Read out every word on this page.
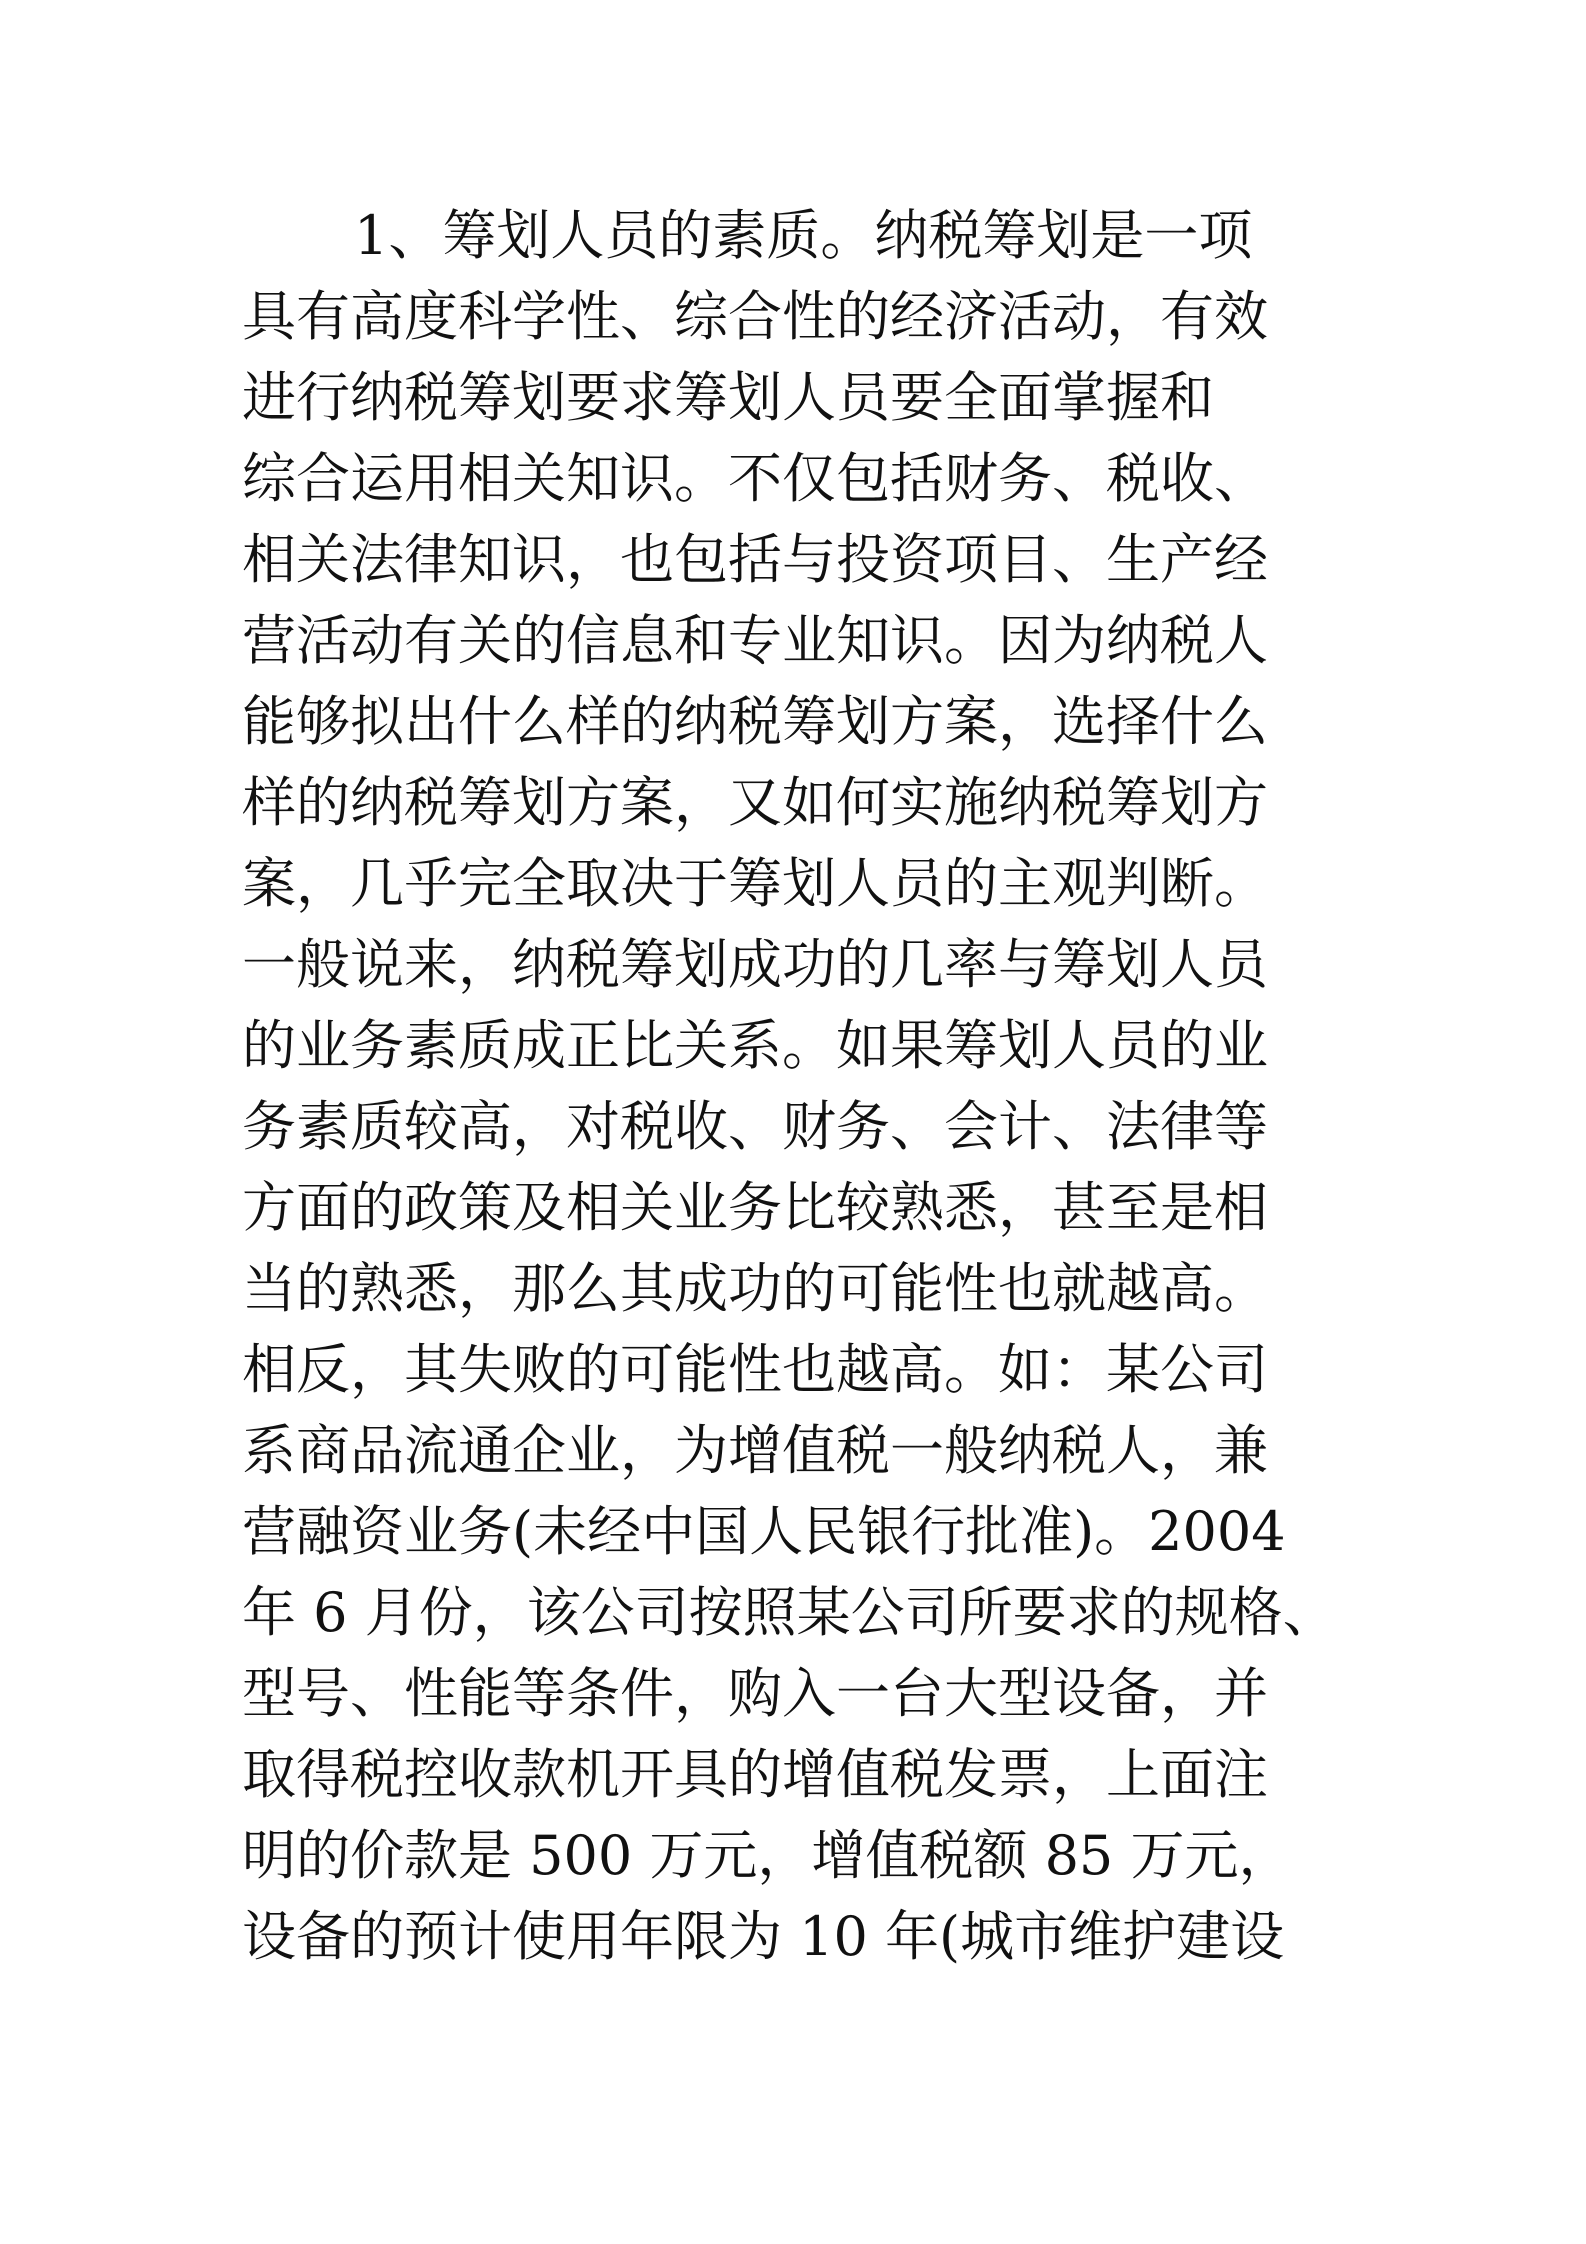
1、筹划人员的素质。纳税筹划是一项
具有高度科学性、综合性的经济活动，有效
进行纳税筹划要求筹划人员要全面掌握和
综合运用相关知识。不仅包括财务、税收、
相关法律知识，也包括与投资项目、生产经
营活动有关的信息和专业知识。因为纳税人
能够拟出什么样的纳税筹划方案，选择什么
样的纳税筹划方案，又如何实施纳税筹划方
案，几乎完全取决于筹划人员的主观判断。
一般说来，纳税筹划成功的几率与筹划人员
的业务素质成正比关系。如果筹划人员的业
务素质较高，对税收、财务、会计、法律等
方面的政策及相关业务比较熟悉，甚至是相
当的熟悉，那么其成功的可能性也就越高。
相反，其失败的可能性也越高。如：某公司
系商品流通企业，为增值税一般纳税人，兼
营融资业务(未经中国人民银行批准)。2004
年 6 月份，该公司按照某公司所要求的规格、
型号、性能等条件，购入一台大型设备，并
取得税控收款机开具的增值税发票，上面注
明的价款是 500 万元，增值税额 85 万元，
设备的预计使用年限为 10 年(城市维护建设
